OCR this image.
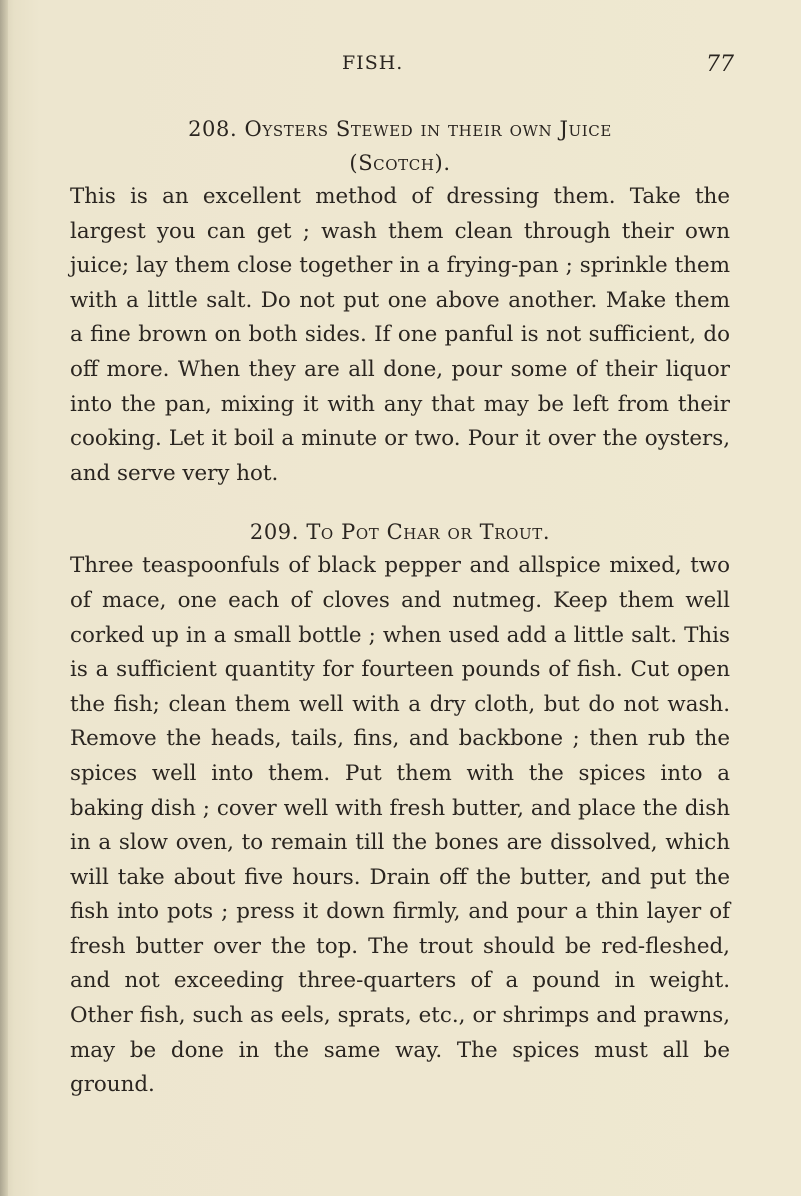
FISH.	77
208. Oysters Stewed in their own Juice
(Scotch).

This is an excellent method of dressing them. Take the largest you can get ; wash them clean through their own juice; lay them close together in a frying-pan ; sprinkle them with a little salt. Do not put one above another. Make them a fine brown on both sides. If one panful is not sufficient, do off more. When they are all done, pour some of their liquor into the pan, mixing it with any that may be left from their cooking. Let it boil a minute or two. Pour it over the oysters, and serve very hot.

209. To Pot Char or Trout.

Three teaspoonfuls of black pepper and allspice mixed, two of mace, one each of cloves and nutmeg. Keep them well corked up in a small bottle ; when used add a little salt. This is a sufficient quantity for fourteen pounds of fish. Cut open the fish; clean them well with a dry cloth, but do not wash. Remove the heads, tails, fins, and backbone ; then rub the spices well into them. Put them with the spices into a baking dish ; cover well with fresh butter, and place the dish in a slow oven, to remain till the bones are dissolved, which will take about five hours. Drain off the butter, and put the fish into pots ; press it down firmly, and pour a thin layer of fresh butter over the top. The trout should be red-fleshed, and not exceeding three-quarters of a pound in weight. Other fish, such as eels, sprats, etc., or shrimps and prawns, may be done in the same way. The spices must all be ground.
